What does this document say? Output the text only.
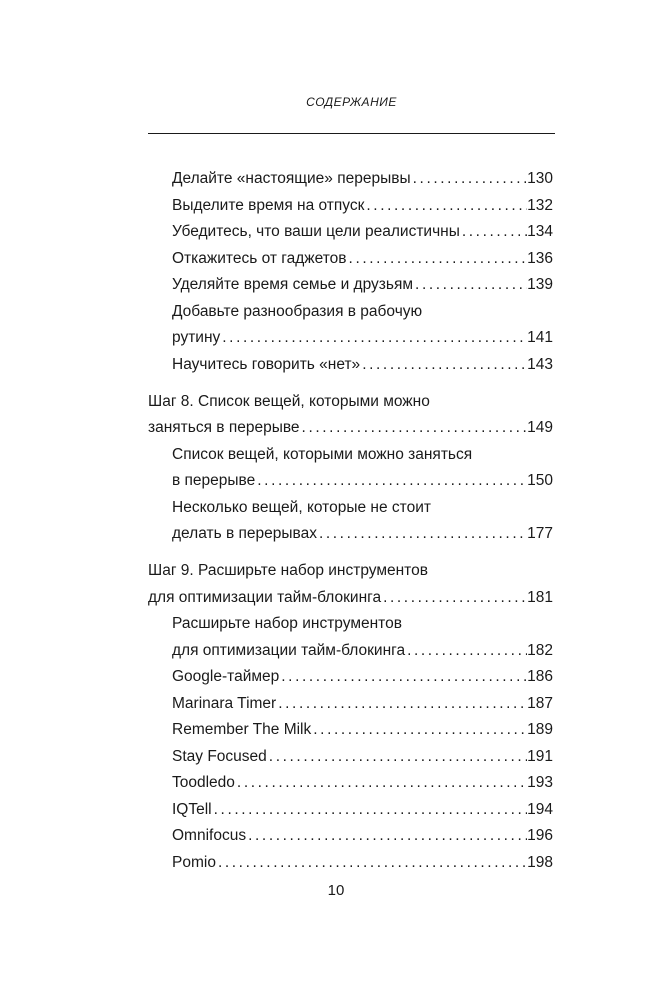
СОДЕРЖАНИЕ
Делайте «настоящие» перерывы .....	130
Выделите время на отпуск .....	132
Убедитесь, что ваши цели реалистичны .....	134
Откажитесь от гаджетов .....	136
Уделяйте время семье и друзьям .....	139
Добавьте разнообразия в рабочую
рутину .....	141
Научитесь говорить «нет» .....	143
Шаг 8. Список вещей, которыми можно
заняться в перерыве .....	149
Список вещей, которыми можно заняться
в перерыве .....	150
Несколько вещей, которые не стоит
делать в перерывах .....	177
Шаг 9. Расширьте набор инструментов
для оптимизации тайм-блокинга .....	181
Расширьте набор инструментов
для оптимизации тайм-блокинга .....	182
Google-таймер .....	186
Marinara Timer .....	187
Remember The Milk .....	189
Stay Focused .....	191
Toodledo .....	193
IQTell .....	194
Omnifocus .....	196
Pomio .....	198
10
